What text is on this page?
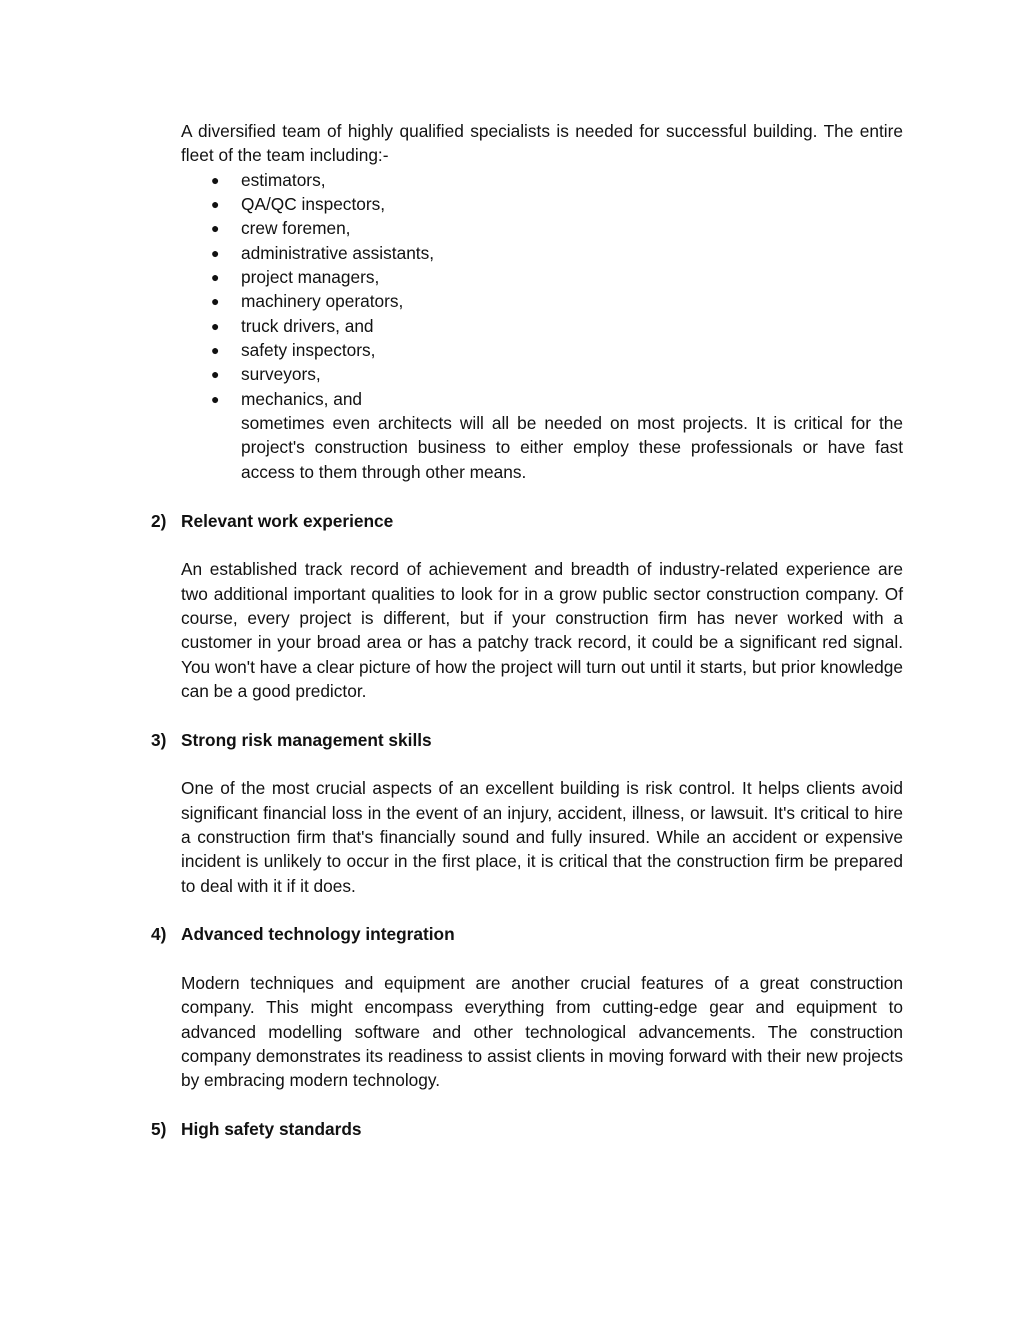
A diversified team of highly qualified specialists is needed for successful building. The entire fleet of the team including:-

● estimators,
● QA/QC inspectors,
● crew foremen,
● administrative assistants,
● project managers,
● machinery operators,
● truck drivers, and
● safety inspectors,
● surveyors,
● mechanics, and

sometimes even architects will all be needed on most projects. It is critical for the project's construction business to either employ these professionals or have fast access to them through other means.

2) Relevant work experience

An established track record of achievement and breadth of industry-related experience are two additional important qualities to look for in a grow public sector construction company. Of course, every project is different, but if your construction firm has never worked with a customer in your broad area or has a patchy track record, it could be a significant red signal. You won't have a clear picture of how the project will turn out until it starts, but prior knowledge can be a good predictor.

3) Strong risk management skills

One of the most crucial aspects of an excellent building is risk control. It helps clients avoid significant financial loss in the event of an injury, accident, illness, or lawsuit. It's critical to hire a construction firm that's financially sound and fully insured. While an accident or expensive incident is unlikely to occur in the first place, it is critical that the construction firm be prepared to deal with it if it does.

4) Advanced technology integration

Modern techniques and equipment are another crucial features of a great construction company. This might encompass everything from cutting-edge gear and equipment to advanced modelling software and other technological advancements. The construction company demonstrates its readiness to assist clients in moving forward with their new projects by embracing modern technology.

5) High safety standards
